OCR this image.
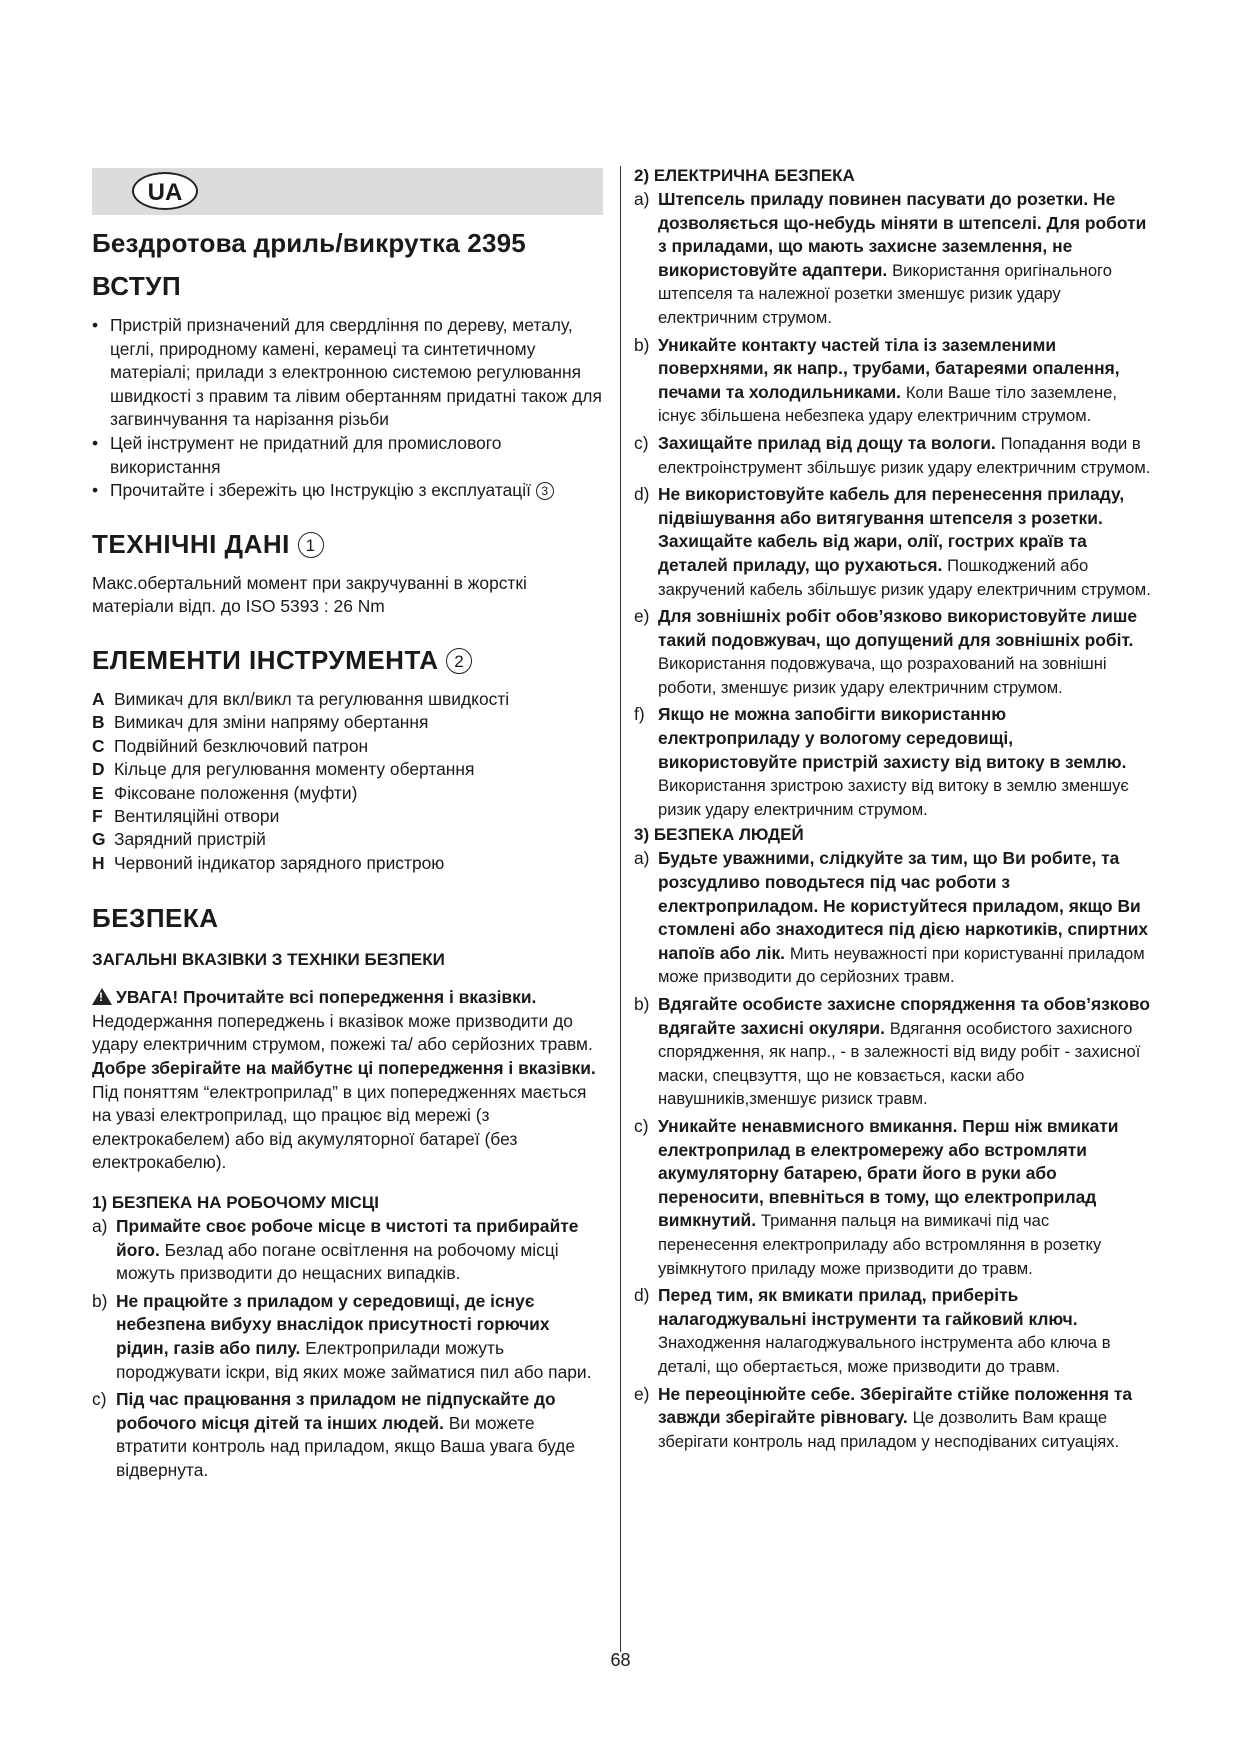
UA
Бездротова дриль/викрутка 2395
ВСТУП
• Пристрій призначений для свердління по дереву, металу, цеглі, природному камені, керамеці та синтетичному матеріалі; прилади з електронною системою регулювання швидкості з правим та лівим обертанням придатні також для загвинчування та нарізання різьби
• Цей інструмент не придатний для промислового використання
• Прочитайте і збережіть цю Інструкцію з експлуатації 3
ТЕХНІЧНІ ДАНІ 1

Макс.обертальний момент при закручуванні в жорсткі матеріали відп. до ISO 5393 : 26 Nm

ЕЛЕМЕНТИ ІНСТРУМЕНТА 2
A Вимикач для вкл/викл та регулювання швидкості
B Вимикач для зміни напряму обертання
C Подвійний безключовий патрон
D Кільце для регулювання моменту обертання
E Фіксоване положення (муфти)
F Вентиляційні отвори
G Зарядний пристрій
H Червоний індикатор зарядного пристрою
БЕЗПЕКА
ЗАГАЛЬНІ ВКАЗІВКИ З ТЕХНІКИ БЕЗПЕКИ

!УВАГА! Прочитайте всі попередження і вказівки. Недодержання попереджень і вказівок може призводити до удару електричним струмом, пожежі та/ або серйозних травм. Добре зберігайте на майбутнє ці попередження і вказівки. Під поняттям “електроприлад” в цих попередженнях мається на увазі електроприлад, що працює від мережі (з електрокабелем) або від акумуляторної батареї (без електрокабелю).

1) БЕЗПЕКА НА РОБОЧОМУ МІСЦІ
a) Примайте своє робоче місце в чистоті та прибирайте його. Безлад або погане освітлення на робочому місці можуть призводити до нещасних випадків.
b) Не працюйте з приладом у середовищі, де існує небезпена вибуху внаслідок присутності горючих рідин, газів або пилу. Електроприлади можуть породжувати іскри, від яких може займатися пил або пари.
c) Під час працювання з приладом не підпускайте до робочого місця дітей та інших людей. Ви можете втратити контроль над приладом, якщо Ваша увага буде відвернута.
2) ЕЛЕКТРИЧНА БЕЗПЕКА
a) Штепсель приладу повинен пасувати до розетки. Не дозволяється що-небудь міняти в штепселі. Для роботи з приладами, що мають захисне заземлення, не використовуйте адаптери. Використання оригінального штепселя та належної розетки зменшує ризик удару електричним струмом.
b) Уникайте контакту частей тіла із заземленими поверхнями, як напр., трубами, батареями опалення, печами та холодильниками. Коли Ваше тіло заземлене, існує збільшена небезпека удару електричним струмом.
c) Захищайте прилад від дощу та вологи. Попадання води в електроінструмент збільшує ризик удару електричним струмом.
d) Не використовуйте кабель для перенесення приладу, підвішування або витягування штепселя з розетки. Захищайте кабель від жари, олії, гострих країв та деталей приладу, що рухаються. Пошкоджений або закручений кабель збільшує ризик удару електричним струмом.
e) Для зовнішніх робіт обов’язково використовуйте лише такий подовжувач, що допущений для зовнішніх робіт. Використання подовжувача, що розрахований на зовнішні роботи, зменшує ризик удару електричним струмом.
f) Якщо не можна запобігти використанню електроприладу у вологому середовищі, використовуйте пристрій захисту від витоку в землю. Використання зристрою захисту від витоку в землю зменшує ризик удару електричним струмом.
3) БЕЗПЕКА ЛЮДЕЙ
a) Будьте уважними, слідкуйте за тим, що Ви робите, та розсудливо поводьтеся під час роботи з електроприладом. Не користуйтеся приладом, якщо Ви стомлені або знаходитеся під дією наркотиків, спиртних напоїв або лік. Мить неуважності при користуванні приладом може призводити до серйозних травм.
b) Вдягайте особисте захисне спорядження та обов’язково вдягайте захисні окуляри. Вдягання особистого захисного спорядження, як напр., - в залежності від виду робіт - захисної маски, спецвзуття, що не ковзається, каски або навушників,зменшує ризиск травм.
c) Уникайте ненавмисного вмикання. Перш ніж вмикати електроприлад в електромережу або встромляти акумуляторну батарею, брати його в руки або переносити, впевніться в тому, що електроприлад вимкнутий. Тримання пальця на вимикачі під час перенесення електроприладу або встромляння в розетку увімкнутого приладу може призводити до травм.
d) Перед тим, як вмикати прилад, приберіть налагоджувальні інструменти та гайковий ключ. Знаходження налагоджувального інструмента або ключа в деталі, що обертається, може призводити до травм.
e) Не переоцінюйте себе. Зберігайте стійке положення та завжди зберігайте рівновагу. Це дозволить Вам краще зберігати контроль над приладом у несподіваних ситуаціях.
68
